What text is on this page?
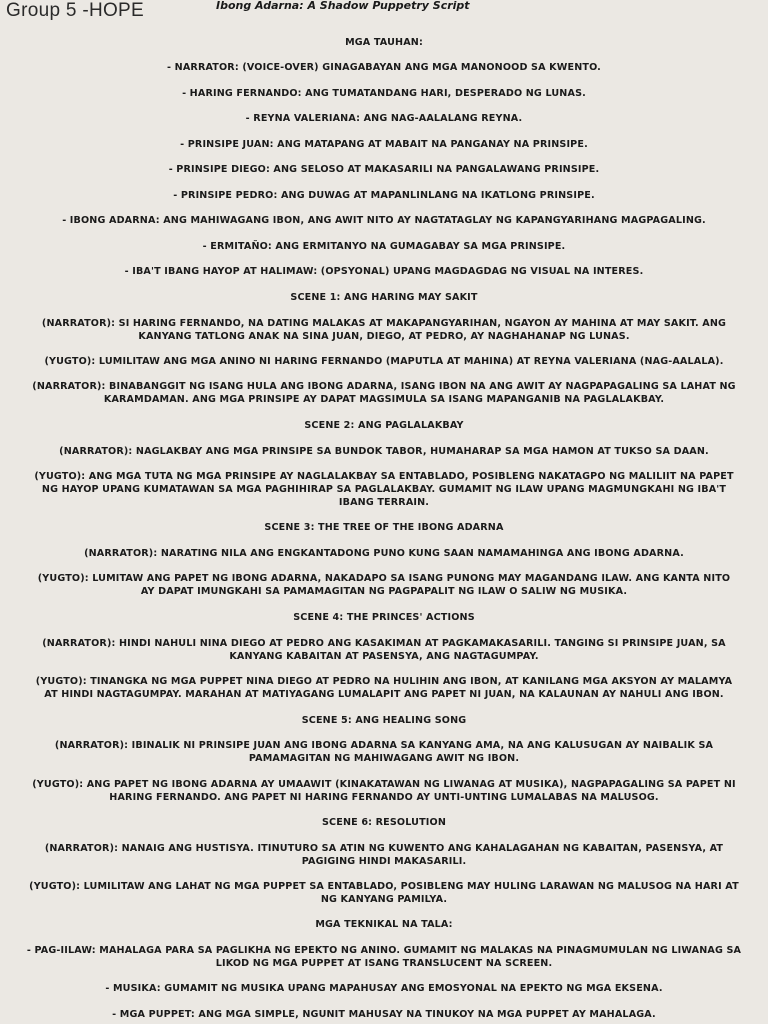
Group 5 -HOPE	Ibong Adarna: A Shadow Puppetry Script
MGA TAUHAN:
- NARRATOR: (VOICE-OVER) GINAGABAYAN ANG MGA MANONOOD SA KWENTO.
- HARING FERNANDO: ANG TUMATANDANG HARI, DESPERADO NG LUNAS.
- REYNA VALERIANA: ANG NAG-AALALANG REYNA.
- PRINSIPE JUAN: ANG MATAPANG AT MABAIT NA PANGANAY NA PRINSIPE.
- PRINSIPE DIEGO: ANG SELOSO AT MAKASARILI NA PANGALAWANG PRINSIPE.
- PRINSIPE PEDRO: ANG DUWAG AT MAPANLINLANG NA IKATLONG PRINSIPE.
- IBONG ADARNA: ANG MAHIWAGANG IBON, ANG AWIT NITO AY NAGTATAGLAY NG KAPANGYARIHANG MAGPAGALING.
- ERMITAÑO: ANG ERMITANYO NA GUMAGABAY SA MGA PRINSIPE.
- IBA'T IBANG HAYOP AT HALIMAW: (OPSYONAL) UPANG MAGDAGDAG NG VISUAL NA INTERES.
SCENE 1: ANG HARING MAY SAKIT
(NARRATOR): SI HARING FERNANDO, NA DATING MALAKAS AT MAKAPANGYARIHAN, NGAYON AY MAHINA AT MAY SAKIT. ANG
KANYANG TATLONG ANAK NA SINA JUAN, DIEGO, AT PEDRO, AY NAGHAHANAP NG LUNAS.
(YUGTO): LUMILITAW ANG MGA ANINO NI HARING FERNANDO (MAPUTLA AT MAHINA) AT REYNA VALERIANA (NAG-AALALA).
(NARRATOR): BINABANGGIT NG ISANG HULA ANG IBONG ADARNA, ISANG IBON NA ANG AWIT AY NAGPAPAGALING SA LAHAT NG
KARAMDAMAN. ANG MGA PRINSIPE AY DAPAT MAGSIMULA SA ISANG MAPANGANIB NA PAGLALAKBAY.
SCENE 2: ANG PAGLALAKBAY
(NARRATOR): NAGLAKBAY ANG MGA PRINSIPE SA BUNDOK TABOR, HUMAHARAP SA MGA HAMON AT TUKSO SA DAAN.
(YUGTO): ANG MGA TUTA NG MGA PRINSIPE AY NAGLALAKBAY SA ENTABLADO, POSIBLENG NAKATAGPO NG MALILIIT NA PAPET
NG HAYOP UPANG KUMATAWAN SA MGA PAGHIHIRAP SA PAGLALAKBAY. GUMAMIT NG ILAW UPANG MAGMUNGKAHI NG IBA'T
IBANG TERRAIN.
SCENE 3: THE TREE OF THE IBONG ADARNA
(NARRATOR): NARATING NILA ANG ENGKANTADONG PUNO KUNG SAAN NAMAMAHINGA ANG IBONG ADARNA.
(YUGTO): LUMITAW ANG PAPET NG IBONG ADARNA, NAKADAPO SA ISANG PUNONG MAY MAGANDANG ILAW. ANG KANTA NITO
AY DAPAT IMUNGKAHI SA PAMAMAGITAN NG PAGPAPALIT NG ILAW O SALIW NG MUSIKA.
SCENE 4: THE PRINCES' ACTIONS
(NARRATOR): HINDI NAHULI NINA DIEGO AT PEDRO ANG KASAKIMAN AT PAGKAMAKASARILI. TANGING SI PRINSIPE JUAN, SA
KANYANG KABAITAN AT PASENSYA, ANG NAGTAGUMPAY.
(YUGTO): TINANGKA NG MGA PUPPET NINA DIEGO AT PEDRO NA HULIHIN ANG IBON, AT KANILANG MGA AKSYON AY MALAMYA
AT HINDI NAGTAGUMPAY. MARAHAN AT MATIYAGANG LUMALAPIT ANG PAPET NI JUAN, NA KALAUNAN AY NAHULI ANG IBON.
SCENE 5: ANG HEALING SONG
(NARRATOR): IBINALIK NI PRINSIPE JUAN ANG IBONG ADARNA SA KANYANG AMA, NA ANG KALUSUGAN AY NAIBALIK SA
PAMAMAGITAN NG MAHIWAGANG AWIT NG IBON.
(YUGTO): ANG PAPET NG IBONG ADARNA AY UMAAWIT (KINAKATAWAN NG LIWANAG AT MUSIKA), NAGPAPAGALING SA PAPET NI
HARING FERNANDO. ANG PAPET NI HARING FERNANDO AY UNTI-UNTING LUMALABAS NA MALUSOG.
SCENE 6: RESOLUTION
(NARRATOR): NANAIG ANG HUSTISYA. ITINUTURO SA ATIN NG KUWENTO ANG KAHALAGAHAN NG KABAITAN, PASENSYA, AT
PAGIGING HINDI MAKASARILI.
(YUGTO): LUMILITAW ANG LAHAT NG MGA PUPPET SA ENTABLADO, POSIBLENG MAY HULING LARAWAN NG MALUSOG NA HARI AT
NG KANYANG PAMILYA.
MGA TEKNIKAL NA TALA:
- PAG-IILAW: MAHALAGA PARA SA PAGLIKHA NG EPEKTO NG ANINO. GUMAMIT NG MALAKAS NA PINAGMUMULAN NG LIWANAG SA
LIKOD NG MGA PUPPET AT ISANG TRANSLUCENT NA SCREEN.
- MUSIKA: GUMAMIT NG MUSIKA UPANG MAPAHUSAY ANG EMOSYONAL NA EPEKTO NG MGA EKSENA.
- MGA PUPPET: ANG MGA SIMPLE, NGUNIT MAHUSAY NA TINUKOY NA MGA PUPPET AY MAHALAGA.
